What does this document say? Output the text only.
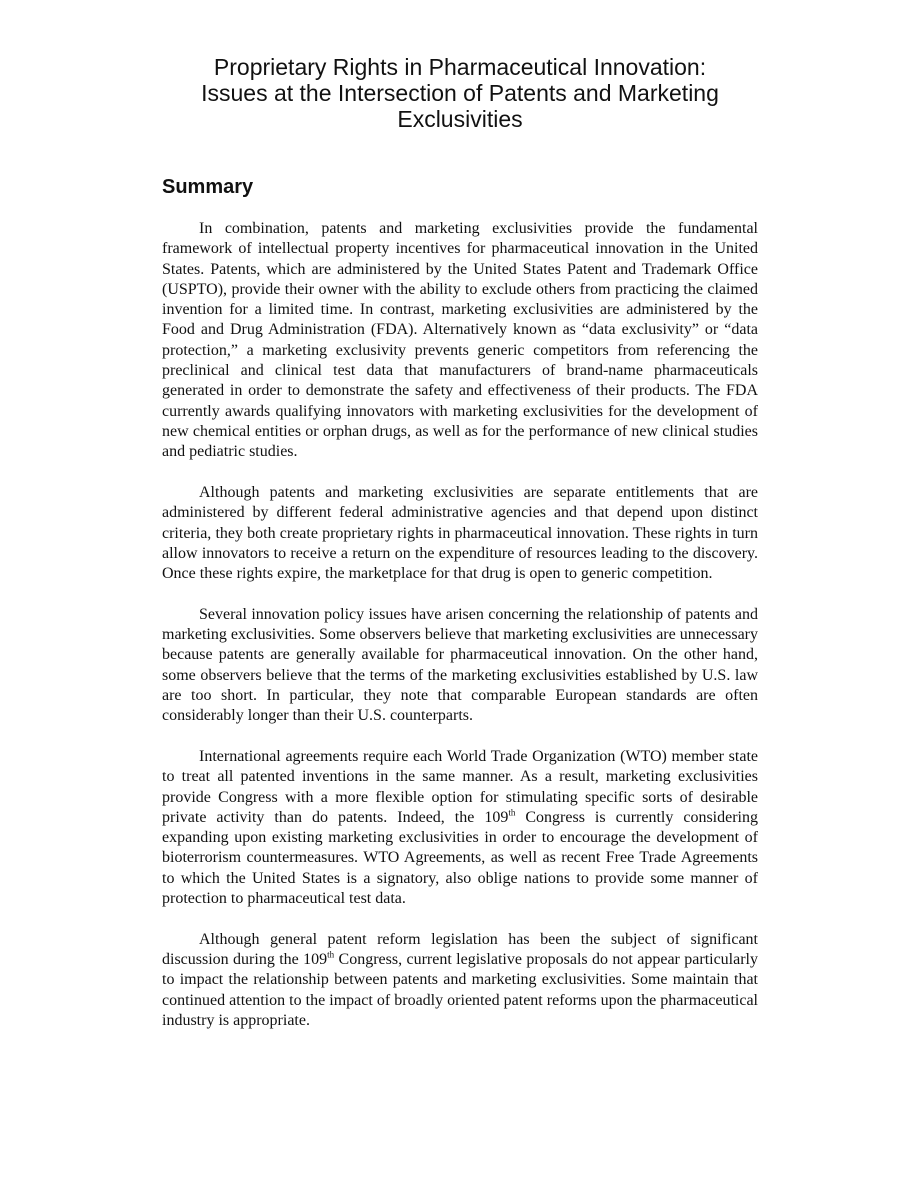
Proprietary Rights in Pharmaceutical Innovation:
Issues at the Intersection of Patents and Marketing
Exclusivities
Summary

In combination, patents and marketing exclusivities provide the fundamental framework of intellectual property incentives for pharmaceutical innovation in the United States. Patents, which are administered by the United States Patent and Trademark Office (USPTO), provide their owner with the ability to exclude others from practicing the claimed invention for a limited time. In contrast, marketing exclusivities are administered by the Food and Drug Administration (FDA). Alternatively known as “data exclusivity” or “data protection,” a marketing exclusivity prevents generic competitors from referencing the preclinical and clinical test data that manufacturers of brand-name pharmaceuticals generated in order to demonstrate the safety and effectiveness of their products. The FDA currently awards qualifying innovators with marketing exclusivities for the development of new chemical entities or orphan drugs, as well as for the performance of new clinical studies and pediatric studies.

Although patents and marketing exclusivities are separate entitlements that are administered by different federal administrative agencies and that depend upon distinct criteria, they both create proprietary rights in pharmaceutical innovation. These rights in turn allow innovators to receive a return on the expenditure of resources leading to the discovery. Once these rights expire, the marketplace for that drug is open to generic competition.

Several innovation policy issues have arisen concerning the relationship of patents and marketing exclusivities. Some observers believe that marketing exclusivities are unnecessary because patents are generally available for pharmaceutical innovation. On the other hand, some observers believe that the terms of the marketing exclusivities established by U.S. law are too short. In particular, they note that comparable European standards are often considerably longer than their U.S. counterparts.

International agreements require each World Trade Organization (WTO) member state to treat all patented inventions in the same manner. As a result, marketing exclusivities provide Congress with a more flexible option for stimulating specific sorts of desirable private activity than do patents. Indeed, the 109th Congress is currently considering expanding upon existing marketing exclusivities in order to encourage the development of bioterrorism countermeasures. WTO Agreements, as well as recent Free Trade Agreements to which the United States is a signatory, also oblige nations to provide some manner of protection to pharmaceutical test data.

Although general patent reform legislation has been the subject of significant discussion during the 109th Congress, current legislative proposals do not appear particularly to impact the relationship between patents and marketing exclusivities. Some maintain that continued attention to the impact of broadly oriented patent reforms upon the pharmaceutical industry is appropriate.
